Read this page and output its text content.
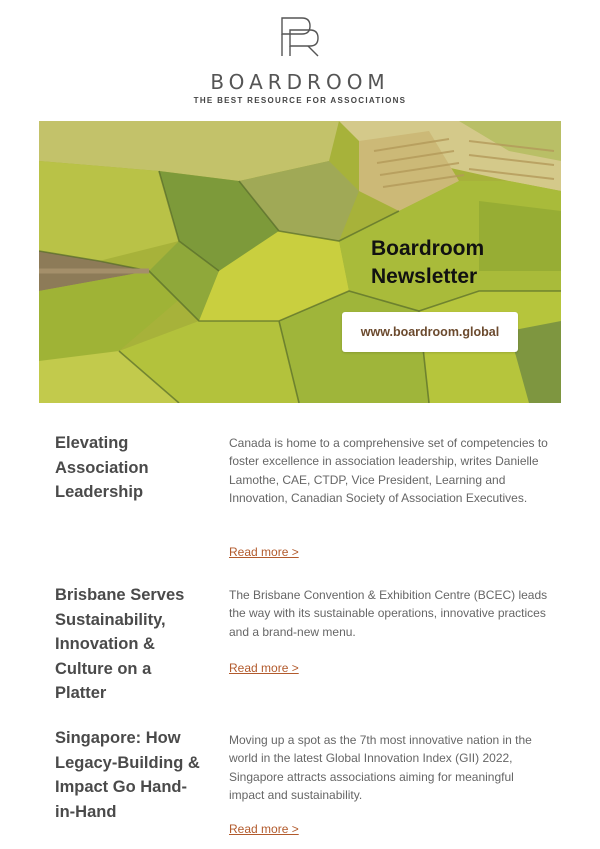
BOARDROOM
THE BEST RESOURCE FOR ASSOCIATIONS
Boardroom
Newsletter
www.boardroom.global
Elevating Association Leadership
Canada is home to a comprehensive set of competencies to foster excellence in association leadership, writes Danielle Lamothe, CAE, CTDP, Vice President, Learning and Innovation, Canadian Society of Association Executives.
Read more >
Brisbane Serves Sustainability, Innovation & Culture on a Platter
The Brisbane Convention & Exhibition Centre (BCEC) leads the way with its sustainable operations, innovative practices and a brand-new menu.
Read more >
Singapore: How Legacy-Building & Impact Go Hand-in-Hand
Moving up a spot as the 7th most innovative nation in the world in the latest Global Innovation Index (GII) 2022, Singapore attracts associations aiming for meaningful impact and sustainability.
Read more >
